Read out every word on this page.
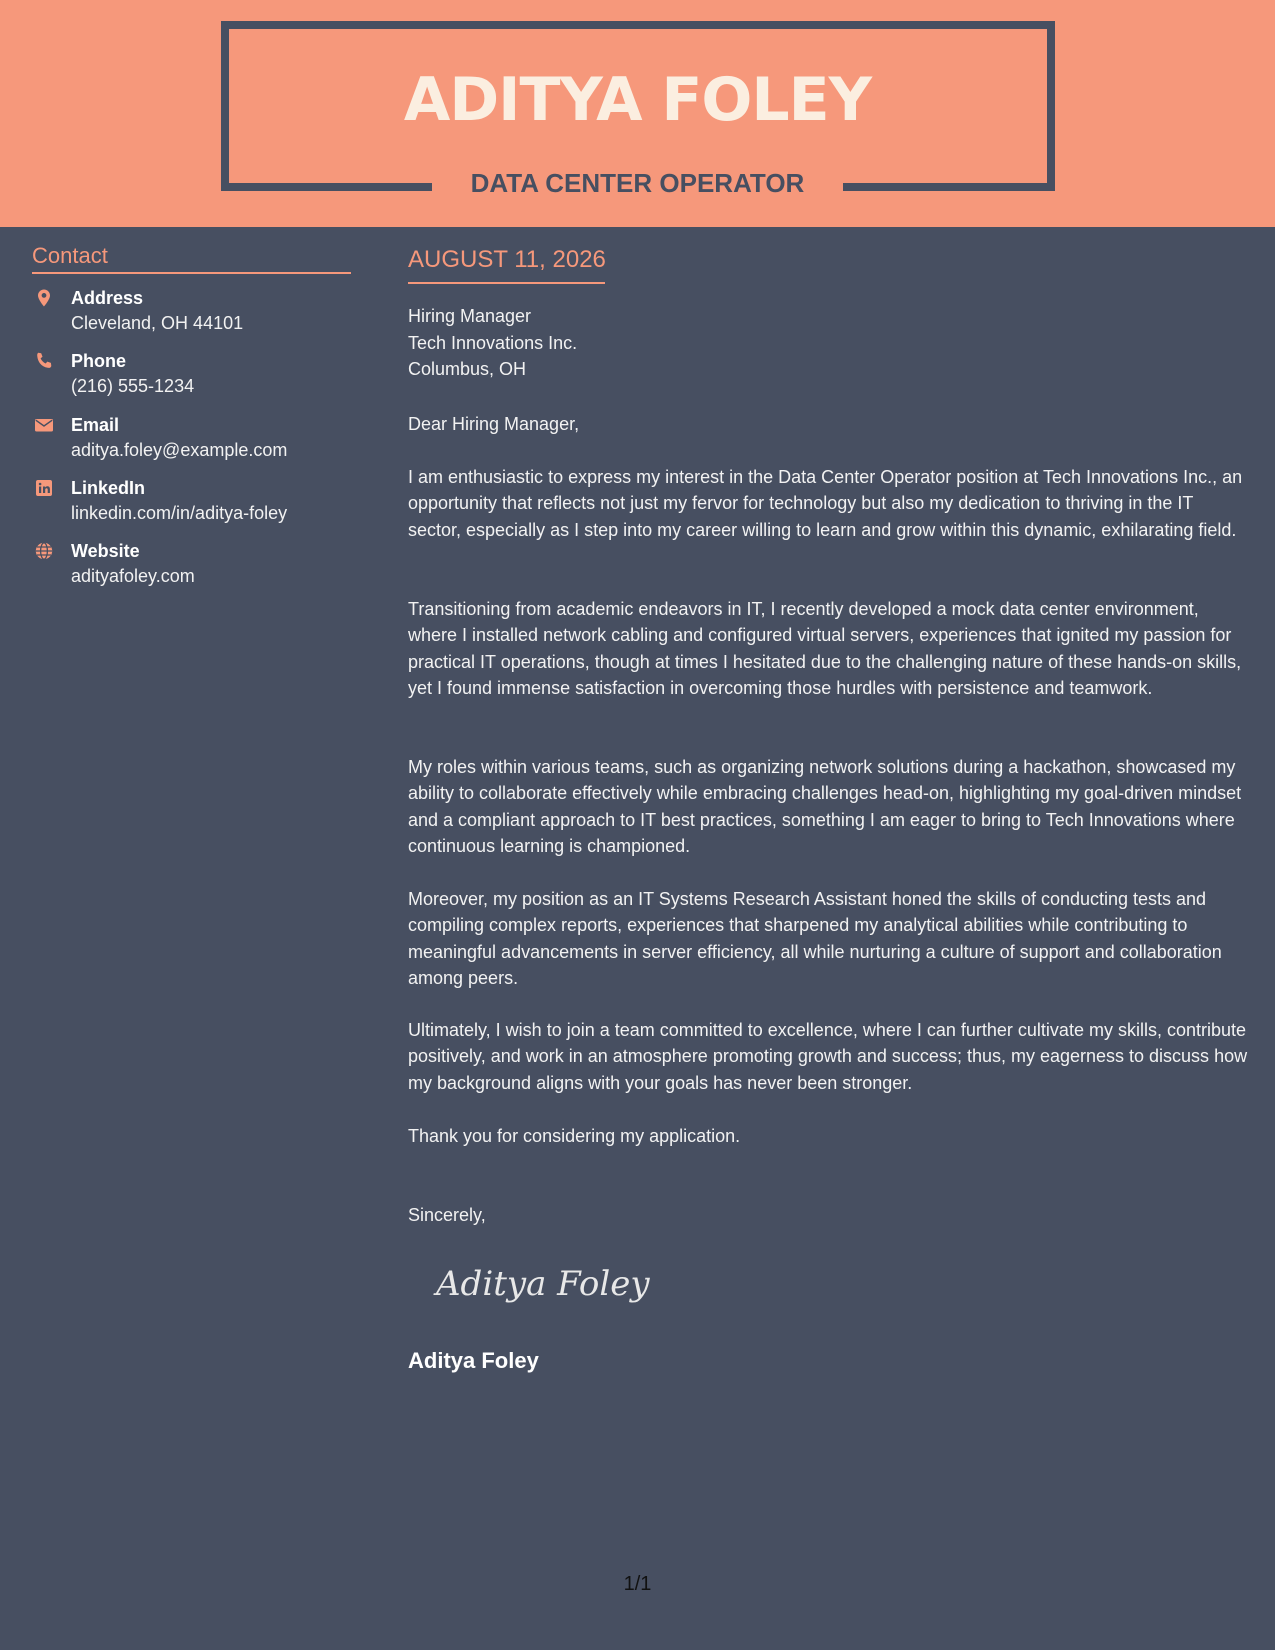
ADITYA FOLEY
DATA CENTER OPERATOR
Contact
Address
Cleveland, OH 44101
Phone
(216) 555-1234
Email
aditya.foley@example.com
LinkedIn
linkedin.com/in/aditya-foley
Website
adityafoley.com
AUGUST 11, 2026
Hiring Manager
Tech Innovations Inc.
Columbus, OH

Dear Hiring Manager,

I am enthusiastic to express my interest in the Data Center Operator position at Tech Innovations Inc., an opportunity that reflects not just my fervor for technology but also my dedication to thriving in the IT sector, especially as I step into my career willing to learn and grow within this dynamic, exhilarating field.

Transitioning from academic endeavors in IT, I recently developed a mock data center environment, where I installed network cabling and configured virtual servers, experiences that ignited my passion for practical IT operations, though at times I hesitated due to the challenging nature of these hands-on skills, yet I found immense satisfaction in overcoming those hurdles with persistence and teamwork.

My roles within various teams, such as organizing network solutions during a hackathon, showcased my ability to collaborate effectively while embracing challenges head-on, highlighting my goal-driven mindset and a compliant approach to IT best practices, something I am eager to bring to Tech Innovations where continuous learning is championed.

Moreover, my position as an IT Systems Research Assistant honed the skills of conducting tests and compiling complex reports, experiences that sharpened my analytical abilities while contributing to meaningful advancements in server efficiency, all while nurturing a culture of support and collaboration among peers.

Ultimately, I wish to join a team committed to excellence, where I can further cultivate my skills, contribute positively, and work in an atmosphere promoting growth and success; thus, my eagerness to discuss how my background aligns with your goals has never been stronger.

Thank you for considering my application.

Sincerely,

Aditya Foley
Aditya Foley
1/1
